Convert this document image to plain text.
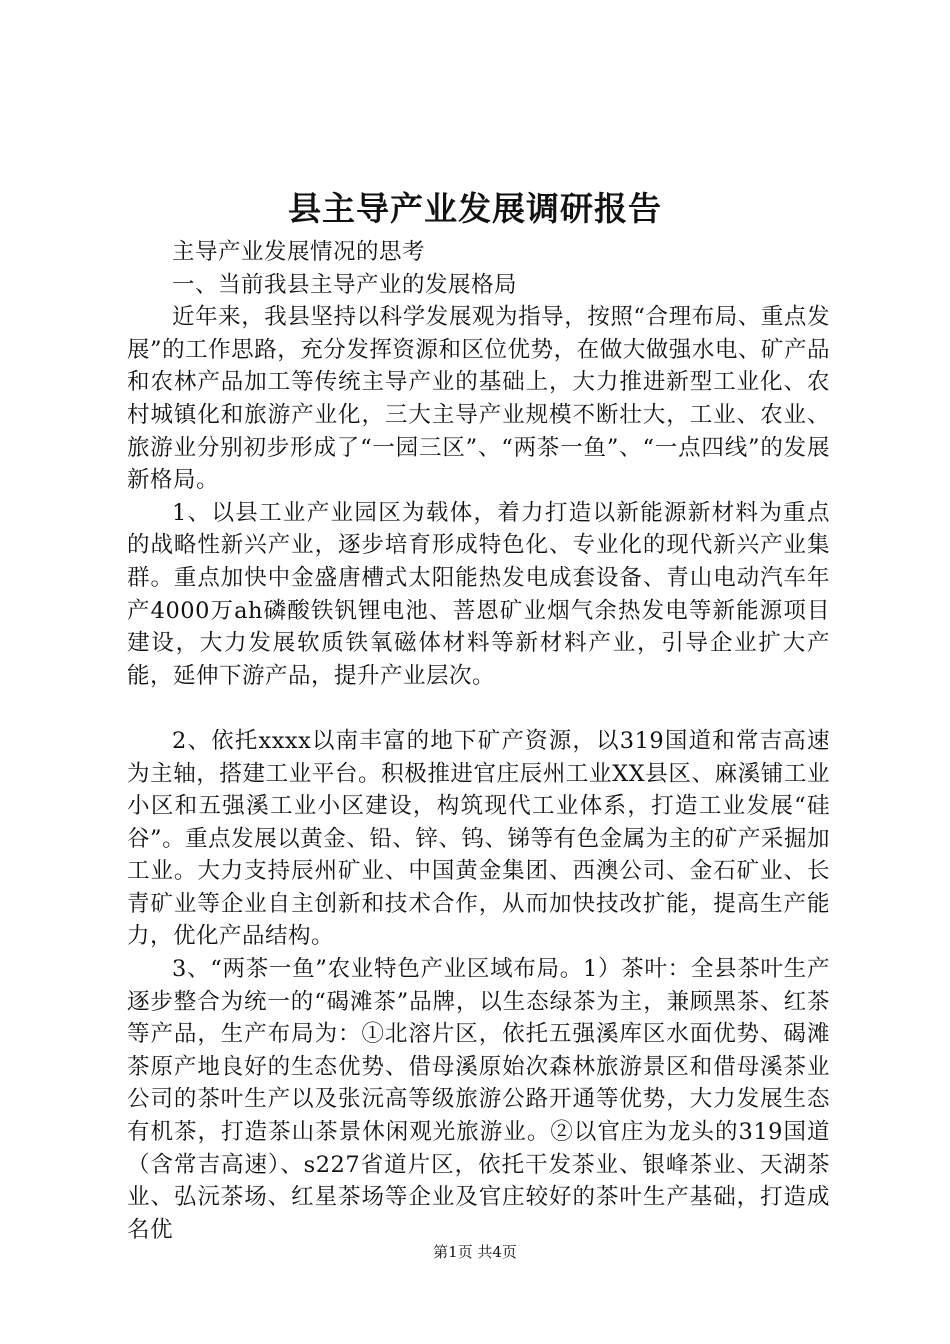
县主导产业发展调研报告

主导产业发展情况的思考

一、当前我县主导产业的发展格局

近年来，我县坚持以科学发展观为指导，按照“合理布局、重点发展”的工作思路，充分发挥资源和区位优势，在做大做强水电、矿产品和农林产品加工等传统主导产业的基础上，大力推进新型工业化、农村城镇化和旅游产业化，三大主导产业规模不断壮大，工业、农业、旅游业分别初步形成了“一园三区”、“两茶一鱼”、“一点四线”的发展新格局。

1、以县工业产业园区为载体，着力打造以新能源新材料为重点的战略性新兴产业，逐步培育形成特色化、专业化的现代新兴产业集群。重点加快中金盛唐槽式太阳能热发电成套设备、青山电动汽车年产4000万ah磷酸铁钒锂电池、菩恩矿业烟气余热发电等新能源项目建设，大力发展软质铁氧磁体材料等新材料产业，引导企业扩大产能，延伸下游产品，提升产业层次。

2、依托xxxx以南丰富的地下矿产资源，以319国道和常吉高速为主轴，搭建工业平台。积极推进官庄辰州工业XX县区、麻溪铺工业小区和五强溪工业小区建设，构筑现代工业体系，打造工业发展“硅谷”。重点发展以黄金、铅、锌、钨、锑等有色金属为主的矿产采掘加工业。大力支持辰州矿业、中国黄金集团、西澳公司、金石矿业、长青矿业等企业自主创新和技术合作，从而加快技改扩能，提高生产能力，优化产品结构。

3、“两茶一鱼”农业特色产业区域布局。1）茶叶：全县茶叶生产逐步整合为统一的“碣滩茶”品牌，以生态绿茶为主，兼顾黑茶、红茶等产品，生产布局为：①北溶片区，依托五强溪库区水面优势、碣滩茶原产地良好的生态优势、借母溪原始次森林旅游景区和借母溪茶业公司的茶叶生产以及张沅高等级旅游公路开通等优势，大力发展生态有机茶，打造茶山茶景休闲观光旅游业。②以官庄为龙头的319国道（含常吉高速）、s227省道片区，依托干发茶业、银峰茶业、天湖茶业、弘沅茶场、红星茶场等企业及官庄较好的茶叶生产基础，打造成名优

第1页 共4页
